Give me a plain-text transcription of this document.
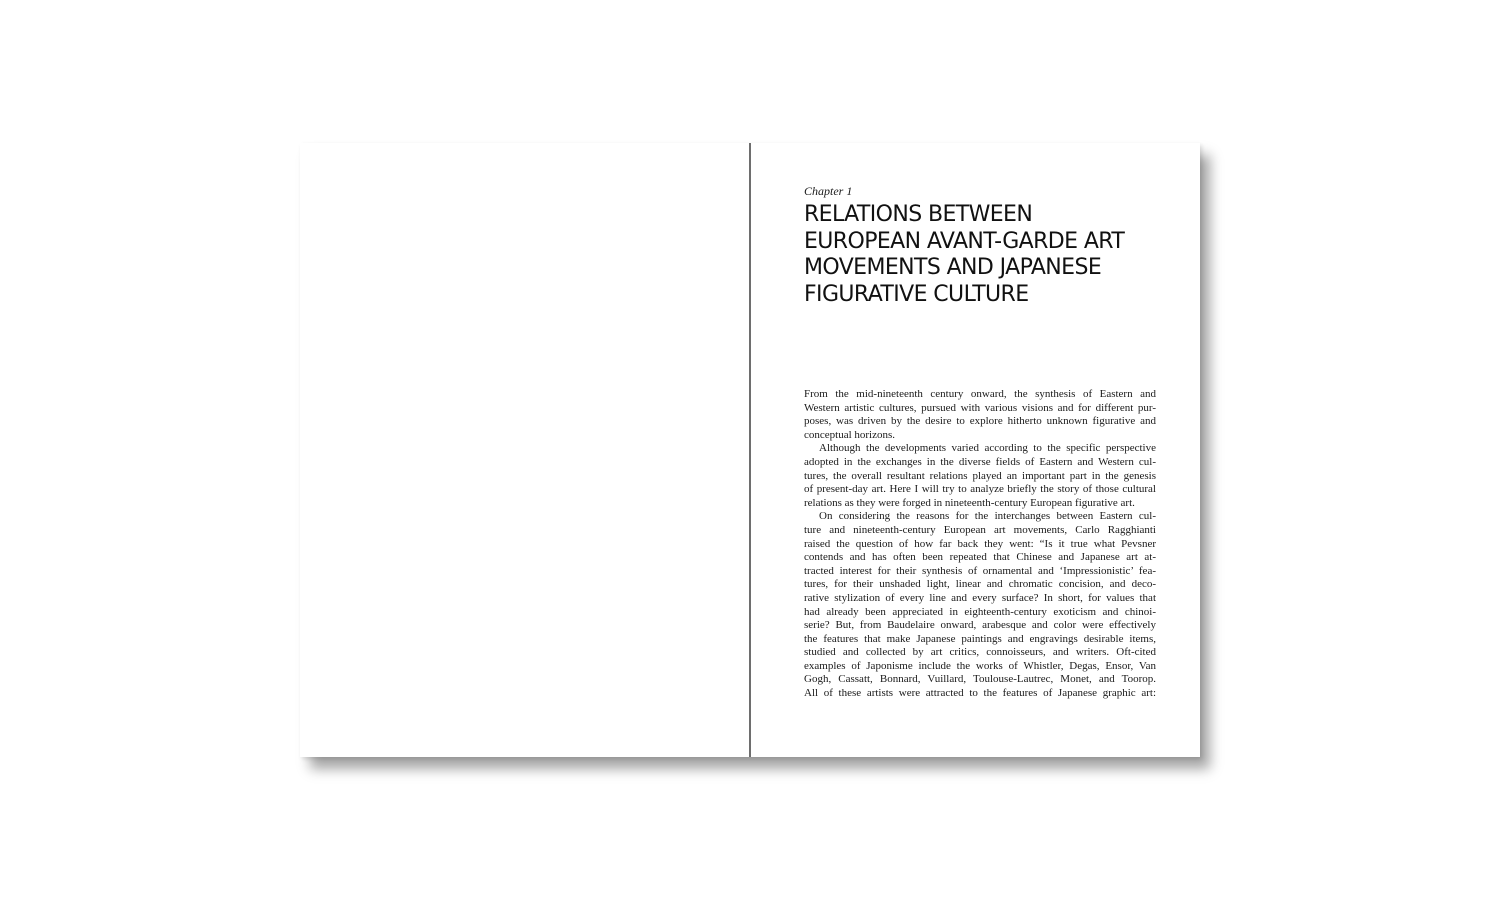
Chapter 1

RELATIONS BETWEEN
EUROPEAN AVANT-GARDE ART
MOVEMENTS AND JAPANESE
FIGURATIVE CULTURE
From the mid-nineteenth century onward, the synthesis of Eastern and
Western artistic cultures, pursued with various visions and for different pur-
poses, was driven by the desire to explore hitherto unknown figurative and
conceptual horizons.
Although the developments varied according to the specific perspective
adopted in the exchanges in the diverse fields of Eastern and Western cul-
tures, the overall resultant relations played an important part in the genesis
of present-day art. Here I will try to analyze briefly the story of those cultural
relations as they were forged in nineteenth-century European figurative art.
On considering the reasons for the interchanges between Eastern cul-
ture and nineteenth-century European art movements, Carlo Ragghianti
raised the question of how far back they went: “Is it true what Pevsner
contends and has often been repeated that Chinese and Japanese art at-
tracted interest for their synthesis of ornamental and ‘Impressionistic’ fea-
tures, for their unshaded light, linear and chromatic concision, and deco-
rative stylization of every line and every surface? In short, for values that
had already been appreciated in eighteenth-century exoticism and chinoi-
serie? But, from Baudelaire onward, arabesque and color were effectively
the features that make Japanese paintings and engravings desirable items,
studied and collected by art critics, connoisseurs, and writers. Oft-cited
examples of Japonisme include the works of Whistler, Degas, Ensor, Van
Gogh, Cassatt, Bonnard, Vuillard, Toulouse-Lautrec, Monet, and Toorop.
All of these artists were attracted to the features of Japanese graphic art:
